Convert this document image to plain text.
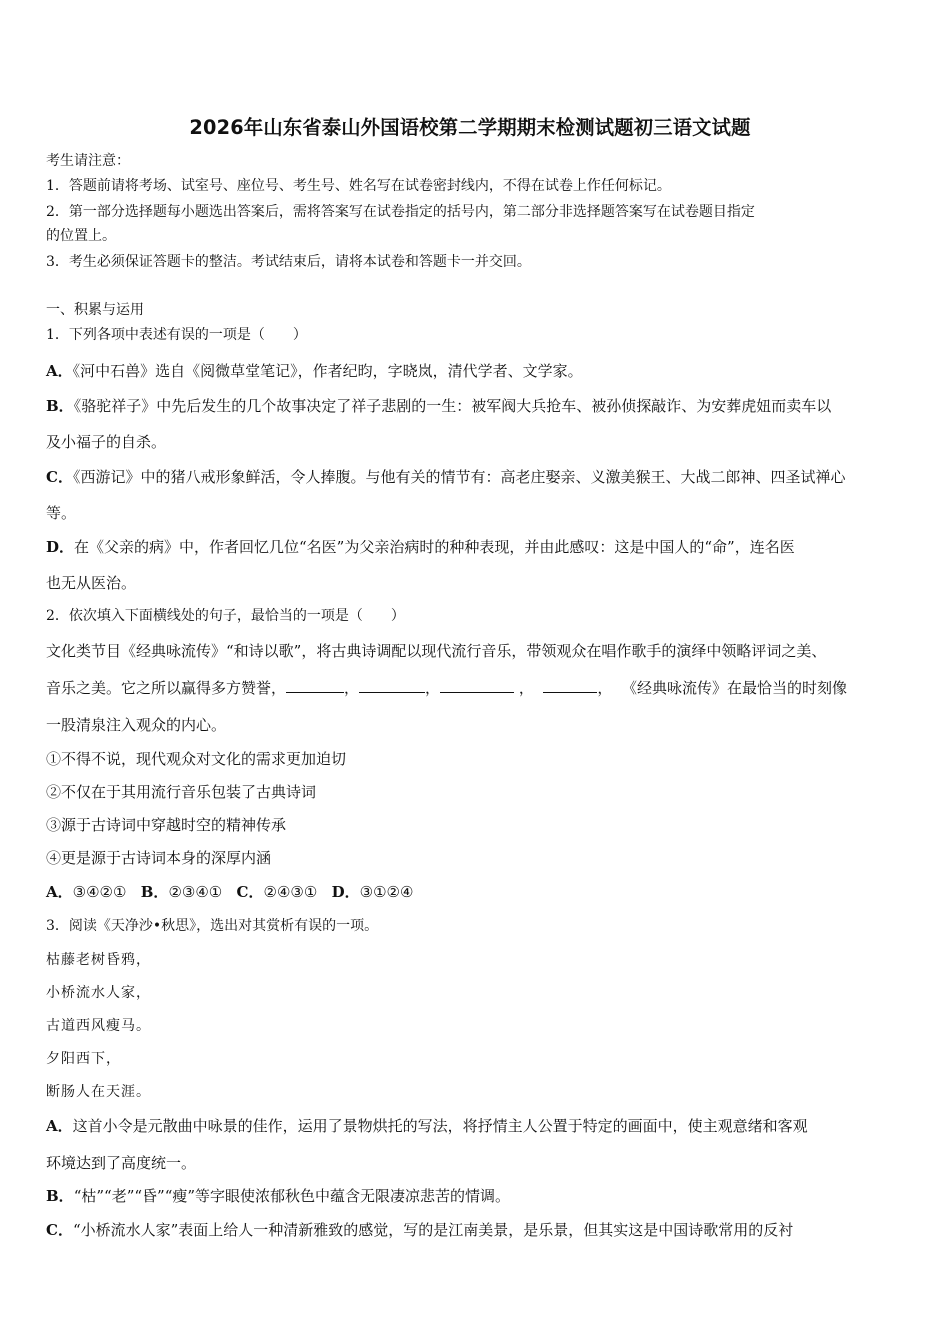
2026年山东省泰山外国语校第二学期期末检测试题初三语文试题
考生请注意：
1．答题前请将考场、试室号、座位号、考生号、姓名写在试卷密封线内，不得在试卷上作任何标记。
2．第一部分选择题每小题选出答案后，需将答案写在试卷指定的括号内，第二部分非选择题答案写在试卷题目指定
的位置上。
3．考生必须保证答题卡的整洁。考试结束后，请将本试卷和答题卡一并交回。
一、积累与运用
1．下列各项中表述有误的一项是（　　）
A．《河中石兽》选自《阅微草堂笔记》，作者纪昀，字晓岚，清代学者、文学家。
B．《骆驼祥子》中先后发生的几个故事决定了祥子悲剧的一生：被军阀大兵抢车、被孙侦探敲诈、为安葬虎妞而卖车以
及小福子的自杀。
C．《西游记》中的猪八戒形象鲜活，令人捧腹。与他有关的情节有：高老庄娶亲、义激美猴王、大战二郎神、四圣试禅心
等。
D．在《父亲的病》中，作者回忆几位“名医”为父亲治病时的种种表现，并由此感叹：这是中国人的“命”，连名医
也无从医治。
2．依次填入下面横线处的句子，最恰当的一项是（　　）
文化类节目《经典咏流传》“和诗以歌”，将古典诗调配以现代流行音乐，带领观众在唱作歌手的演绎中领略评词之美、
音乐之美。它之所以赢得多方赞誉，	，	，	，	， 《经典咏流传》在最恰当的时刻像
一股清泉注入观众的内心。
①不得不说，现代观众对文化的需求更加迫切
②不仅在于其用流行音乐包装了古典诗词
③源于古诗词中穿越时空的精神传承
④更是源于古诗词本身的深厚内涵
A．③④②① B．②③④① C．②④③① D．③①②④
3．阅读《天净沙•秋思》，选出对其赏析有误的一项。
枯藤老树昏鸦，
小桥流水人家，
古道西风瘦马。
夕阳西下，
断肠人在天涯。
A．这首小令是元散曲中咏景的佳作，运用了景物烘托的写法，将抒情主人公置于特定的画面中，使主观意绪和客观
环境达到了高度统一。
B．“枯”“老”“昏”“瘦”等字眼使浓郁秋色中蕴含无限凄凉悲苦的情调。
C．“小桥流水人家”表面上给人一种清新雅致的感觉，写的是江南美景，是乐景，但其实这是中国诗歌常用的反衬
